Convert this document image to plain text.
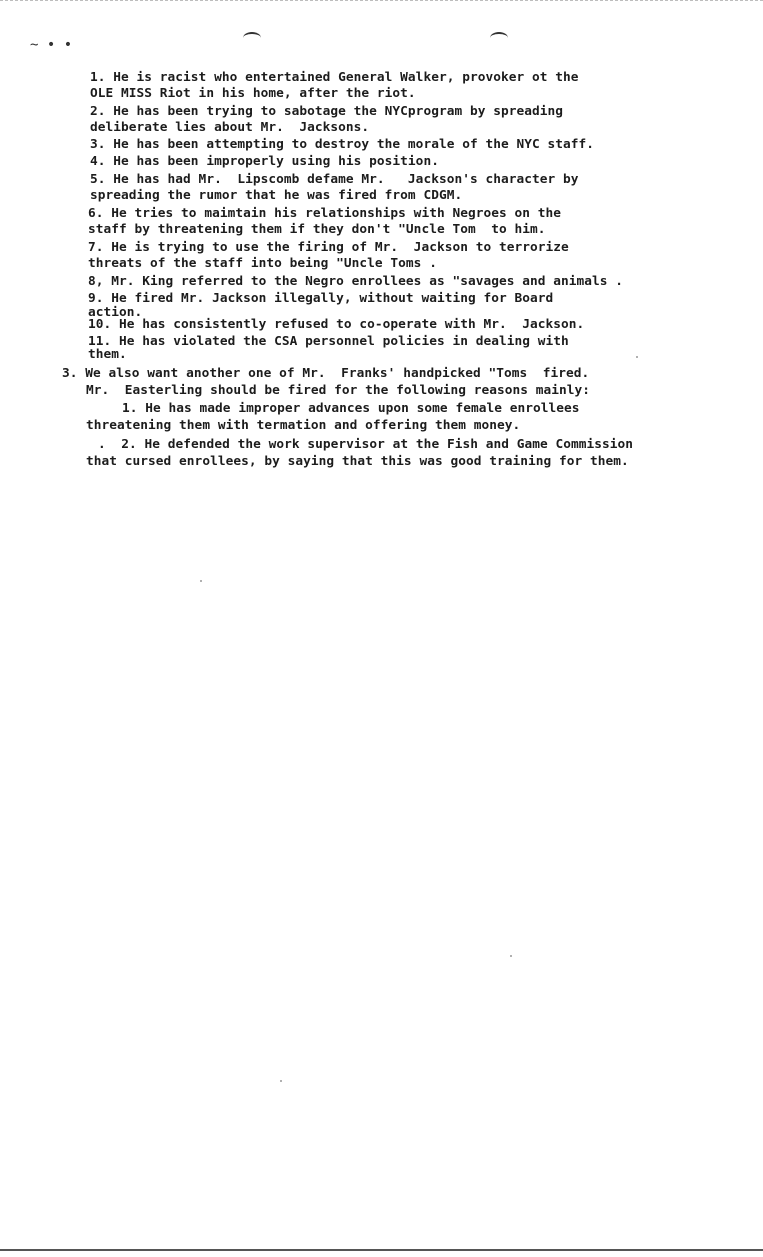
~ • •
1. He is racist who entertained General Walker, provoker ot the
OLE MISS Riot in his home, after the riot.
2. He has been trying to sabotage the NYCprogram by spreading
deliberate lies about Mr.  Jacksons.
3. He has been attempting to destroy the morale of the NYC staff.
4. He has been improperly using his position.
5. He has had Mr.  Lipscomb defame Mr.   Jackson's character by
spreading the rumor that he was fired from CDGM.
6. He tries to maimtain his relationships with Negroes on the
staff by threatening them if they don't "Uncle Tom  to him.
7. He is trying to use the firing of Mr.  Jackson to terrorize
threats of the staff into being "Uncle Toms .
8, Mr. King referred to the Negro enrollees as "savages and animals .
9. He fired Mr. Jackson illegally, without waiting for Board
action.
10. He has consistently refused to co-operate with Mr.  Jackson.
11. He has violated the CSA personnel policies in dealing with
them.
3. We also want another one of Mr.  Franks' handpicked "Toms  fired.
Mr.  Easterling should be fired for the following reasons mainly:
1. He has made improper advances upon some female enrollees
threatening them with termation and offering them money.
.  2. He defended the work supervisor at the Fish and Game Commission
that cursed enrollees, by saying that this was good training for them.
